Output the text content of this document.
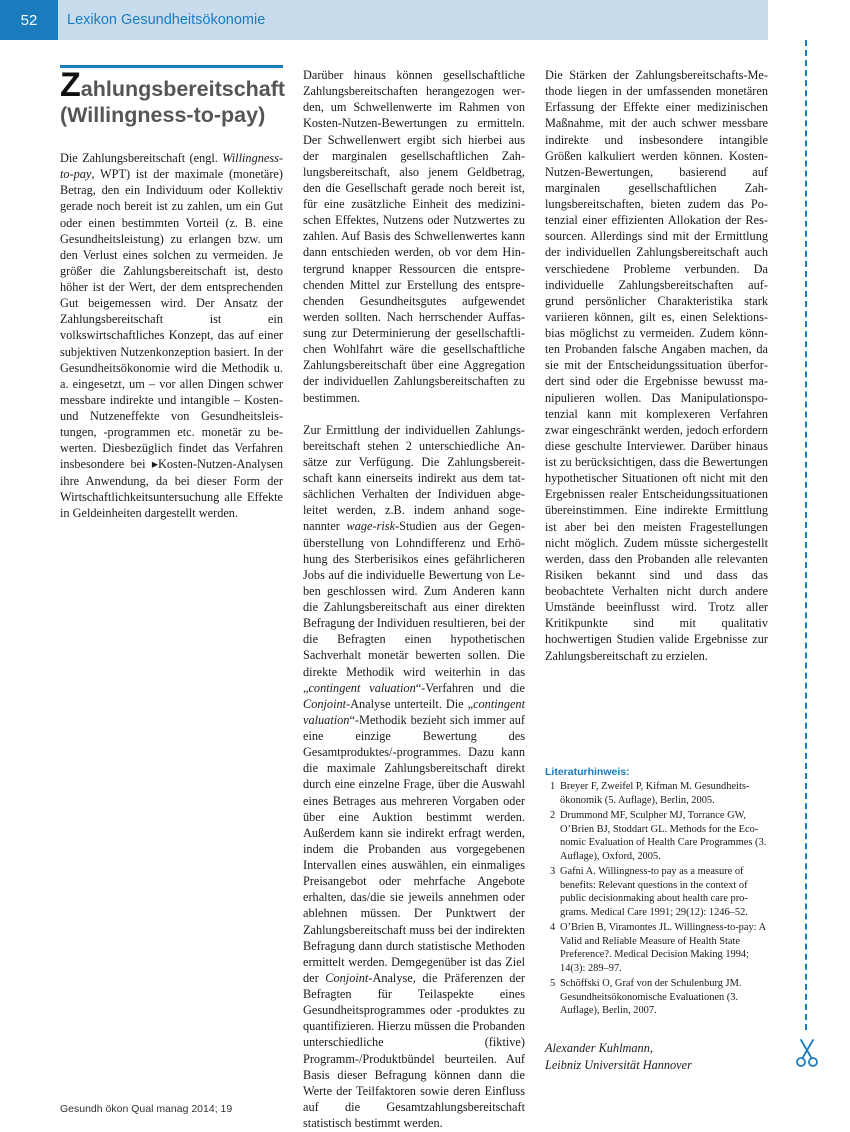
52	Lexikon Gesundheitsökonomie
Zahlungsbereitschaft
(Willingness-to-pay)

Die Zahlungsbereitschaft (engl. Willingness-to-pay, WPT) ist der maximale (monetäre) Betrag, den ein Individuum oder Kollektiv gerade noch bereit ist zu zahlen, um ein Gut oder einen bestimmten Vorteil (z. B. eine Gesundheitsleistung) zu erlangen bzw. um den Verlust eines solchen zu vermeiden. Je größer die Zahlungsbereitschaft ist, desto höher ist der Wert, der dem entsprechenden Gut beigemessen wird. Der Ansatz der Zahlungsbereitschaft ist ein volkswirtschaftliches Konzept, das auf einer subjektiven Nutzenkonzeption basiert. In der Gesundheitsökonomie wird die Methodik u. a. eingesetzt, um – vor allen Dingen schwer messbare indirekte und intangible – Kosten- und Nutzeneffekte von Gesundheitsleistungen, -programmen etc. monetär zu bewerten. Diesbezüglich findet das Verfahren insbesondere bei ▸Kosten-Nutzen-Analysen ihre Anwendung, da bei dieser Form der Wirtschaftlichkeitsuntersuchung alle Effekte in Geldeinheiten dargestellt werden.

Darüber hinaus können gesellschaftliche Zahlungsbereitschaften herangezogen werden, um Schwellenwerte im Rahmen von Kosten-Nutzen-Bewertungen zu ermitteln. Der Schwellenwert ergibt sich hierbei aus der marginalen gesellschaftlichen Zahlungsbereitschaft, also jenem Geldbetrag, den die Gesellschaft gerade noch bereit ist, für eine zusätzliche Einheit des medizinischen Effektes, Nutzens oder Nutzwertes zu zahlen. Auf Basis des Schwellenwertes kann dann entschieden werden, ob vor dem Hintergrund knapper Ressourcen die entsprechenden Mittel zur Erstellung des entsprechenden Gesundheitsgutes aufgewendet werden sollten. Nach herrschender Auffassung zur Determinierung der gesellschaftlichen Wohlfahrt wäre die gesellschaftliche Zahlungsbereitschaft über eine Aggregation der individuellen Zahlungsbereitschaften zu bestimmen.

Zur Ermittlung der individuellen Zahlungsbereitschaft stehen 2 unterschiedliche Ansätze zur Verfügung. Die Zahlungsbereitschaft kann einerseits indirekt aus dem tatsächlichen Verhalten der Individuen abgeleitet werden, z.B. indem anhand sogenannter wage-risk-Studien aus der Gegenüberstellung von Lohndifferenz und Erhöhung des Sterberisikos eines gefährlicheren Jobs auf die individuelle Bewertung von Leben geschlossen wird. Zum Anderen kann die Zahlungsbereitschaft aus einer direkten Befragung der Individuen resultieren, bei der die Befragten einen hypothetischen Sachverhalt monetär bewerten sollen. Die direkte Methodik wird weiterhin in das „contingent valuation“-Verfahren und die Conjoint-Analyse unterteilt. Die „contingent valuation“-Methodik bezieht sich immer auf eine einzige Bewertung des Gesamtproduktes/-programmes. Dazu kann die maximale Zahlungsbereitschaft direkt durch eine einzelne Frage, über die Auswahl eines Betrages aus mehreren Vorgaben oder über eine Auktion bestimmt werden. Außerdem kann sie indirekt erfragt werden, indem die Probanden aus vorgegebenen Intervallen eines auswählen, ein einmaliges Preisangebot oder mehrfache Angebote erhalten, das/die sie jeweils annehmen oder ablehnen müssen. Der Punktwert der Zahlungsbereitschaft muss bei der indirekten Befragung dann durch statistische Methoden ermittelt werden. Demgegenüber ist das Ziel der Conjoint-Analyse, die Präferenzen der Befragten für Teilaspekte eines Gesundheitsprogrammes oder -produktes zu quantifizieren. Hierzu müssen die Probanden unterschiedliche (fiktive) Programm-/Produktbündel beurteilen. Auf Basis dieser Befragung können dann die Werte der Teilfaktoren sowie deren Einfluss auf die Gesamtzahlungsbereitschaft statistisch bestimmt werden.

Die Stärken der Zahlungsbereitschafts-Methode liegen in der umfassenden monetären Erfassung der Effekte einer medizinischen Maßnahme, mit der auch schwer messbare indirekte und insbesondere intangible Größen kalkuliert werden können. Kosten-Nutzen-Bewertungen, basierend auf marginalen gesellschaftlichen Zahlungsbereitschaften, bieten zudem das Potenzial einer effizienten Allokation der Ressourcen. Allerdings sind mit der Ermittlung der individuellen Zahlungsbereitschaft auch verschiedene Probleme verbunden. Da individuelle Zahlungsbereitschaften aufgrund persönlicher Charakteristika stark variieren können, gilt es, einen Selektionsbias möglichst zu vermeiden. Zudem könnten Probanden falsche Angaben machen, da sie mit der Entscheidungssituation überfordert sind oder die Ergebnisse bewusst manipulieren wollen. Das Manipulationspotenzial kann mit komplexeren Verfahren zwar eingeschränkt werden, jedoch erfordern diese geschulte Interviewer. Darüber hinaus ist zu berücksichtigen, dass die Bewertungen hypothetischer Situationen oft nicht mit den Ergebnissen realer Entscheidungssituationen übereinstimmen. Eine indirekte Ermittlung ist aber bei den meisten Fragestellungen nicht möglich. Zudem müsste sichergestellt werden, dass den Probanden alle relevanten Risiken bekannt sind und dass das beobachtete Verhalten nicht durch andere Umstände beeinflusst wird. Trotz aller Kritikpunkte sind mit qualitativ hochwertigen Studien valide Ergebnisse zur Zahlungsbereitschaft zu erzielen.

Literaturhinweis:
1 Breyer F, Zweifel P, Kifman M. Gesundheitsökonomik (5. Auflage), Berlin, 2005.
2 Drummond MF, Sculpher MJ, Torrance GW, O’Brien BJ, Stoddart GL. Methods for the Economic Evaluation of Health Care Programmes (3. Auflage), Oxford, 2005.
3 Gafni A. Willingness-to pay as a measure of benefits: Relevant questions in the context of public decisionmaking about health care programs. Medical Care 1991; 29(12): 1246–52.
4 O’Brien B, Viramontes JL. Willingness-to-pay: A Valid and Reliable Measure of Health State Preference?. Medical Decision Making 1994; 14(3): 289–97.
5 Schöffski O, Graf von der Schulenburg JM. Gesundheitsökonomische Evaluationen (3. Auflage), Berlin, 2007.
Alexander Kuhlmann,
Leibniz Universität Hannover
Gesundh ökon Qual manag 2014; 19
